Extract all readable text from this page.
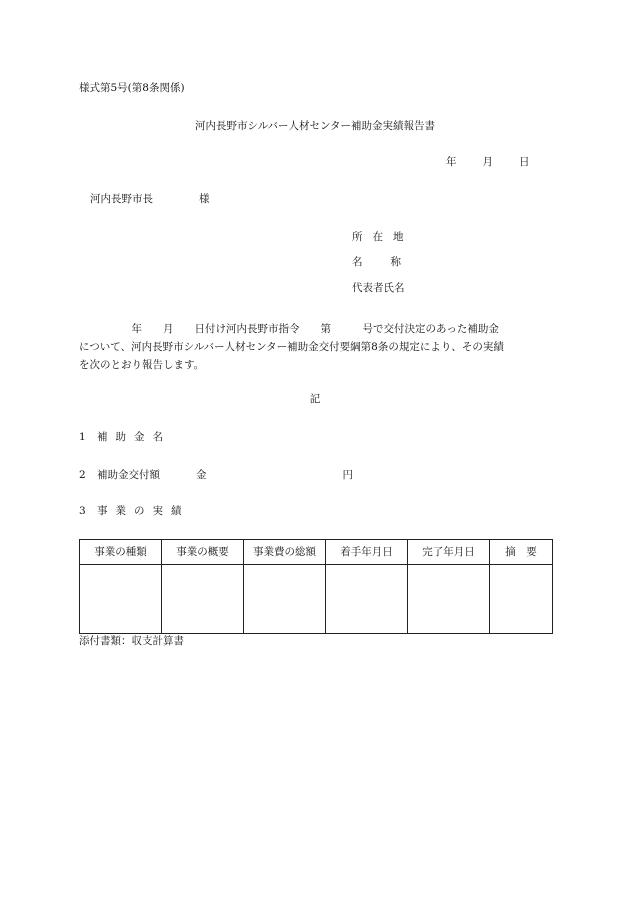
様式第5号(第8条関係)
河内長野市シルバー人材センター補助金実績報告書
年 月 日
河内長野市長	様
所在地
名称
代表者氏名
　　　　　年　　月　　日付け河内長野市指令　　第　　　号で交付決定のあった補助金
について、河内長野市シルバー人材センター補助金交付要綱第8条の規定により、その実績
を次のとおり報告します。
記
1 補助金名
2 補助金交付額	金	円
3 事業の実績
事業の種類	事業の概要	事業費の総額	着手年月日	完了年月日	摘　要

添付書類：収支計算書
